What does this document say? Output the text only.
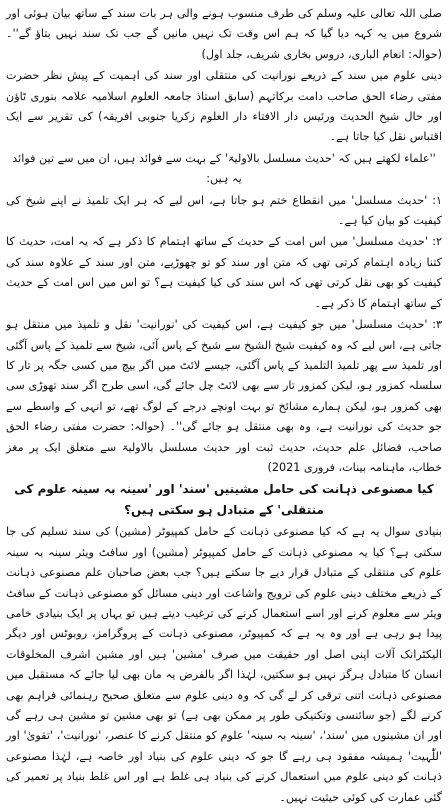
صلی اللہ تعالی علیہ وسلم کی طرف منسوب ہونے والی ہر بات سند کے ساتھ بیان ہوئی اور شروع میں یہ کہہ دیا گیا کہ ہم اس وقت تک نہیں مانیں گے جب تک سند نہیں بتاؤ گے''۔ (حوالہ: انعام الباری، دروس بخاری شریف، جلد اول)

دینی علوم میں سند کے ذریعے نورانیت کی منتقلی اور سند کی اہمیت کے پیش نظر حضرت مفتی رضاء الحق صاحب دامت برکاتہم (سابق استاذ جامعہ العلوم اسلامیہ علامہ بنوری ٹاؤن اور حال شیخ الحدیث ورئیس دار الافتاء دار العلوم زکریا جنوبی افریقہ) کی تقریر سے ایک اقتباس نقل کیا جاتا ہے۔

''علماء لکھتے ہیں کہ 'حدیث مسلسل بالاولیۃ' کے بہت سے فوائد ہیں، ان میں سے تین فوائد یہ ہیں:

۱: 'حدیث مسلسل' میں انقطاع ختم ہو جاتا ہے، اس لیے کہ ہر ایک تلمیذ نے اپنے شیخ کی کیفیت کو بیان کیا ہے۔

۲: 'حدیث مسلسل' میں اس امت کے حدیث کے ساتھ اہتمام کا ذکر ہے کہ یہ امت، حدیث کا کتنا زیادہ اہتمام کرتی تھی کہ متن اور سند کو تو چھوڑیے، متن اور سند کے علاوہ سند کی کیفیت کو بھی نقل کرتی تھی کہ اس سند کی کیا کیفیت ہے؟ تو اس میں اس امت کے حدیث کے ساتھ اہتمام کا ذکر ہے۔

۳: 'حدیث مسلسل' میں جو کیفیت ہے، اس کیفیت کی 'نورانیت' نقل و تلمیذ میں منتقل ہو جاتی ہے، اس لیے کہ وہ کیفیت شیخ الشیخ سے شیخ کے پاس آئی، شیخ سے تلمیذ کے پاس آگئی اور تلمیذ سے پھر تلمیذ التلمیذ کے پاس آگئی، جیسے لائٹ میں اگر بیچ میں کسی جگہ پر تار کا سلسلہ کمزور ہو، لیکن کمزور تار سے بھی لائٹ چل جائے گی، اسی طرح اگر سند تھوڑی سی بھی کمزور ہو، لیکن ہمارے مشائخ تو بہت اونچے درجے کے لوگ تھے، تو انہی کے واسطے سے جو حدیث کی نورانیت ہے، وہ بھی منتقل ہو جائے گی''۔ (حوالہ: حضرت مفتی رضاء الحق صاحب، فضائل علم حدیث، حدیث ثبت اور حدیث مسلسل بالاولیۃ سے متعلق ایک پر مغز خطاب، ماہنامہ بینات، فروری 2021)

کیا مصنوعی ذہانت کی حامل مشینیں 'سند' اور 'سینہ بہ سینہ علوم کی منتقلی' کے متبادل ہو سکتی ہیں؟

بنیادی سوال یہ ہے کہ کیا مصنوعی ذہانت کے حامل کمپیوٹر (مشین) کی سند تسلیم کی جا سکتی ہے؟ کیا یہ مصنوعی ذہانت کے حامل کمپیوٹر (مشین) اور سافٹ ویئر سینہ بہ سینہ علوم کی منتقلی کے متبادل قرار دیے جا سکتے ہیں؟ جب بعض صاحبان علم مصنوعی ذہانت کے ذریعے مختلف دینی علوم کی ترویج واشاعت اور دینی مسائل کو مصنوعی ذہانت کے سافٹ ویئر سے معلوم کرنے اور اسے استعمال کرنے کی ترغیب دیتے ہیں تو یہاں پر ایک بنیادی خامی پیدا ہو رہی ہے اور وہ یہ ہے کہ کمپیوٹر، مصنوعی ذہانت کے پروگرامز، روبوٹس اور دیگر الیکٹرانک آلات اپنی اصل اور حقیقت میں صرف 'مشین' ہیں اور مشین اشرف المخلوقات انسان کا متبادل ہرگز نہیں ہو سکتیں، لہٰذا اگر بالفرض یہ مان بھی لیا جائے کہ مستقبل میں مصنوعی ذہانت اتنی ترقی کر لے گی کہ وہ دینی علوم سے متعلق صحیح رہنمائی فراہم بھی کرنے لگے (جو سائنسی وتکنیکی طور پر ممکن بھی ہے) تو بھی مشین تو مشین ہی رہے گی اور ان مشینوں میں 'سند'، 'سینہ بہ سینہ' علوم کو منتقل کرنے کا عنصر، 'نورانیت'، 'تقویٰ' اور 'للّٰہیت' ہمیشہ مفقود ہی رہے گا جو کہ دینی علوم کی بنیاد اور خاصہ ہے، لہٰذا مصنوعی ذہانت کو دینی علوم میں استعمال کرنے کی بنیاد ہی غلط ہے اور اس غلط بنیاد پر تعمیر کی گئی عمارت کی کوئی حیثیت نہیں۔
